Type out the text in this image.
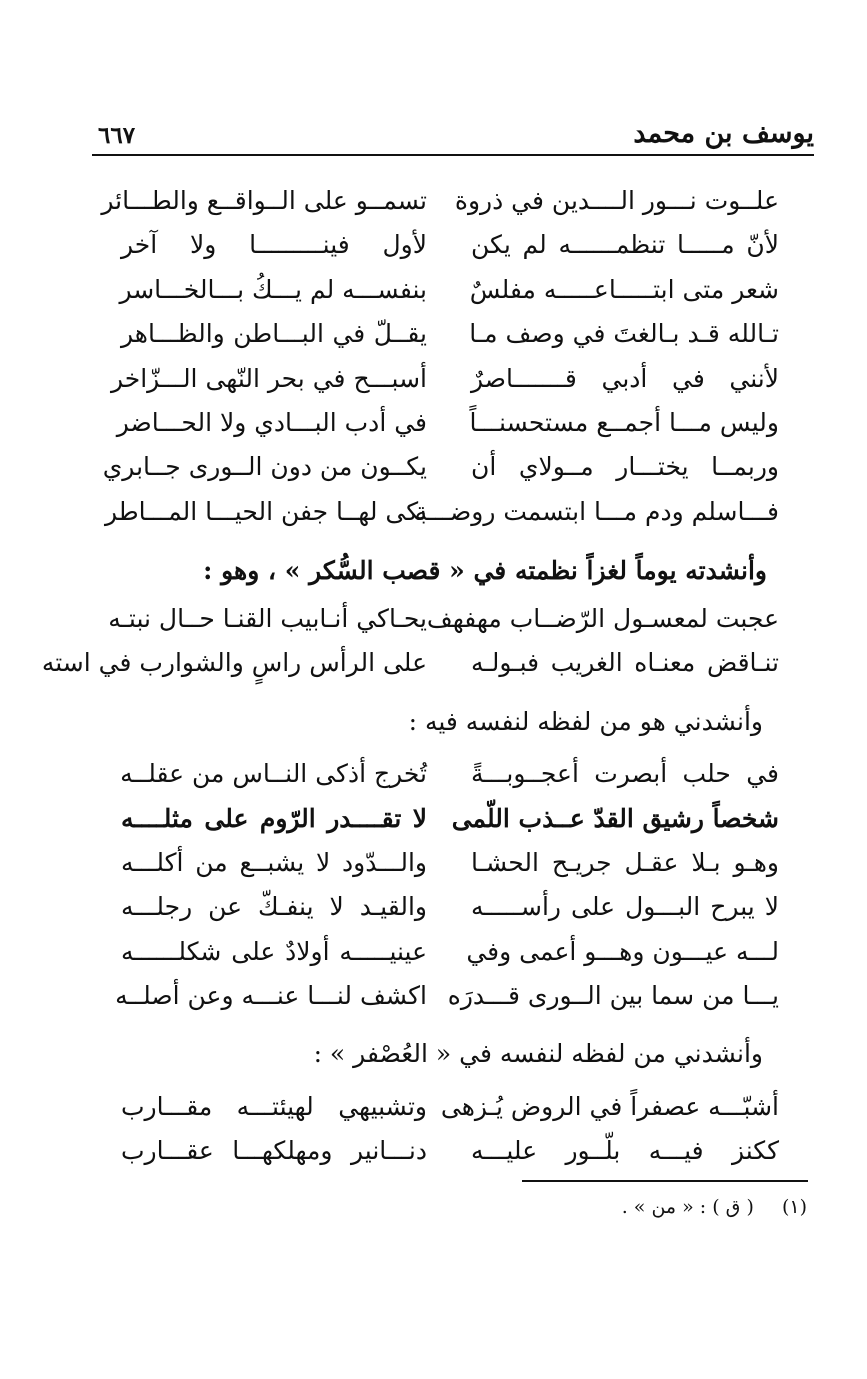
يوسف بن محمد
٦٦٧
علــوت نـــور الــــدين في ذروة
تسمــو على الــواقــع والطـــائر
لأنّ مـــــا تنظمــــــه لم يكن
لأول فينـــــــــا ولا آخر
شعر متى ابتـــــاعـــــه مفلسٌ
بنفســـه لم يـــكُ بـــالخـــاسر
تـالله قـد بـالغتَ في وصف مـا
يقــلّ في البـــاطن والظـــاهر
لأنني في أدبي قـــــــاصرٌ
أسبـــح في بحر النّهى الـــزّاخر
وليس مـــا أجمــع مستحسنـــاً
في أدب البـــادي ولا الحـــاضر
وربمــا يختـــار مــولاي أن
يكــون من دون الــورى جــابري
فـــاسلم ودم مـــا ابتسمت روضـــة
بكى لهــا جفن الحيـــا المـــاطر
وأنشدته يوماً لغزاً نظمته في « قصب السُّكر » ، وهو :
عجبت لمعسـول الرّضــاب مهفهف
يحـاكي أنـابيب القنـا حــال نبتـه
تنـاقض معنـاه الغريب فبـولـه
على الرأس راسٍ والشوارب في استه
وأنشدني هو من لفظه لنفسه فيه :
في حلب أبصرت أعجــوبـــةً
تُخرج أذكى النــاس من عقلــه
شخصاً رشيق القدّ عــذب اللّمى
لا تقــــدر الرّوم على مثلــــه
وهـو بـلا عقـل جريـح الحشـا
والـــدّود لا يشبــع من أكلـــه
لا يبرح البـــول على رأســـــه
والقيـد لا ينفـكّ عن رجلـــه
لـــه عيـــون وهـــو أعمى وفي
عينيـــــه أولادٌ على شكلــــــه
يـــا من سما بين الــورى قـــدرَه
اكشف لنـــا عنـــه وعن أصلــه
وأنشدني من لفظه لنفسه في « العُصْفر » :
أشبّـــه عصفراً في الروض يُـزهى
وتشبيهي لهيئتـــه مقـــارب
ككنز فيـــه بلّــور عليـــه
دنـــانير ومهلكهـــا عقـــارب
(١) ( ق ) : « من » .
